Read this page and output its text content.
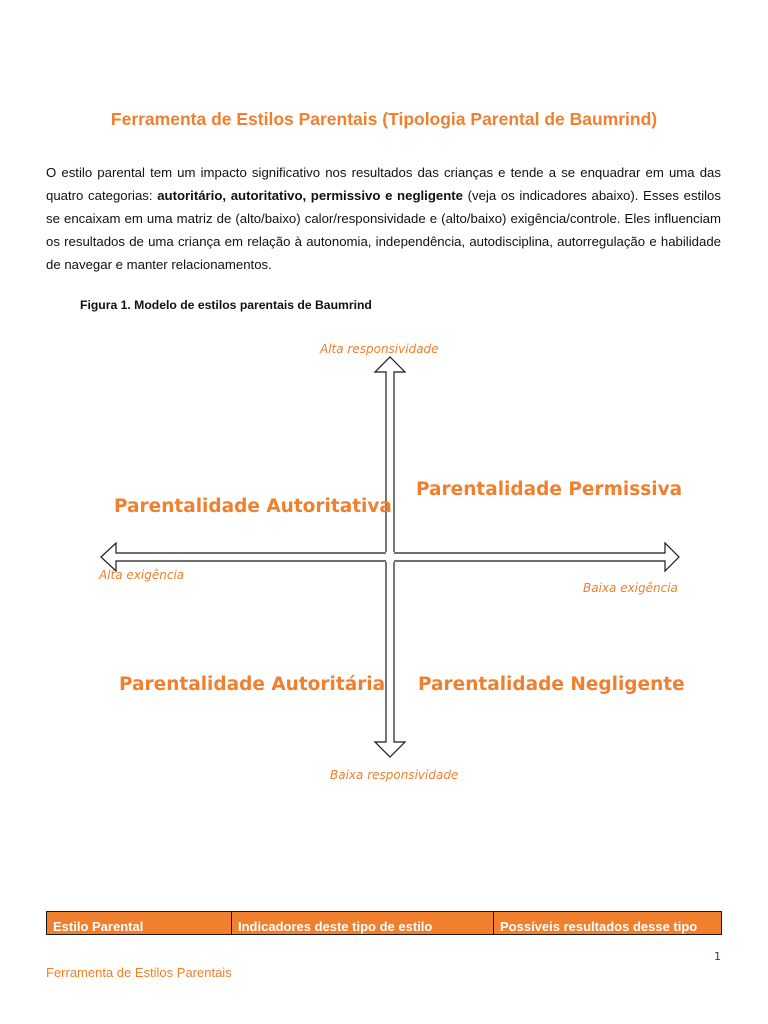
Ferramenta de Estilos Parentais (Tipologia Parental de Baumrind)

O estilo parental tem um impacto significativo nos resultados das crianças e tende a se enquadrar em uma das quatro categorias: autoritário, autoritativo, permissivo e negligente (veja os indicadores abaixo). Esses estilos se encaixam em uma matriz de (alto/baixo) calor/responsividade e (alto/baixo) exigência/controle. Eles influenciam os resultados de uma criança em relação à autonomia, independência, autodisciplina, autorregulação e habilidade de navegar e manter relacionamentos.

Figura 1. Modelo de estilos parentais de Baumrind
Alta responsividade
Alta exigência
Baixa exigência
Baixa responsividade
Parentalidade Autoritativa
Parentalidade Permissiva
Parentalidade Autoritária Parentalidade Negligente
Estilo Parental	Indicadores deste tipo de estilo	Possíveis resultados desse tipo
1
Ferramenta de Estilos Parentais
